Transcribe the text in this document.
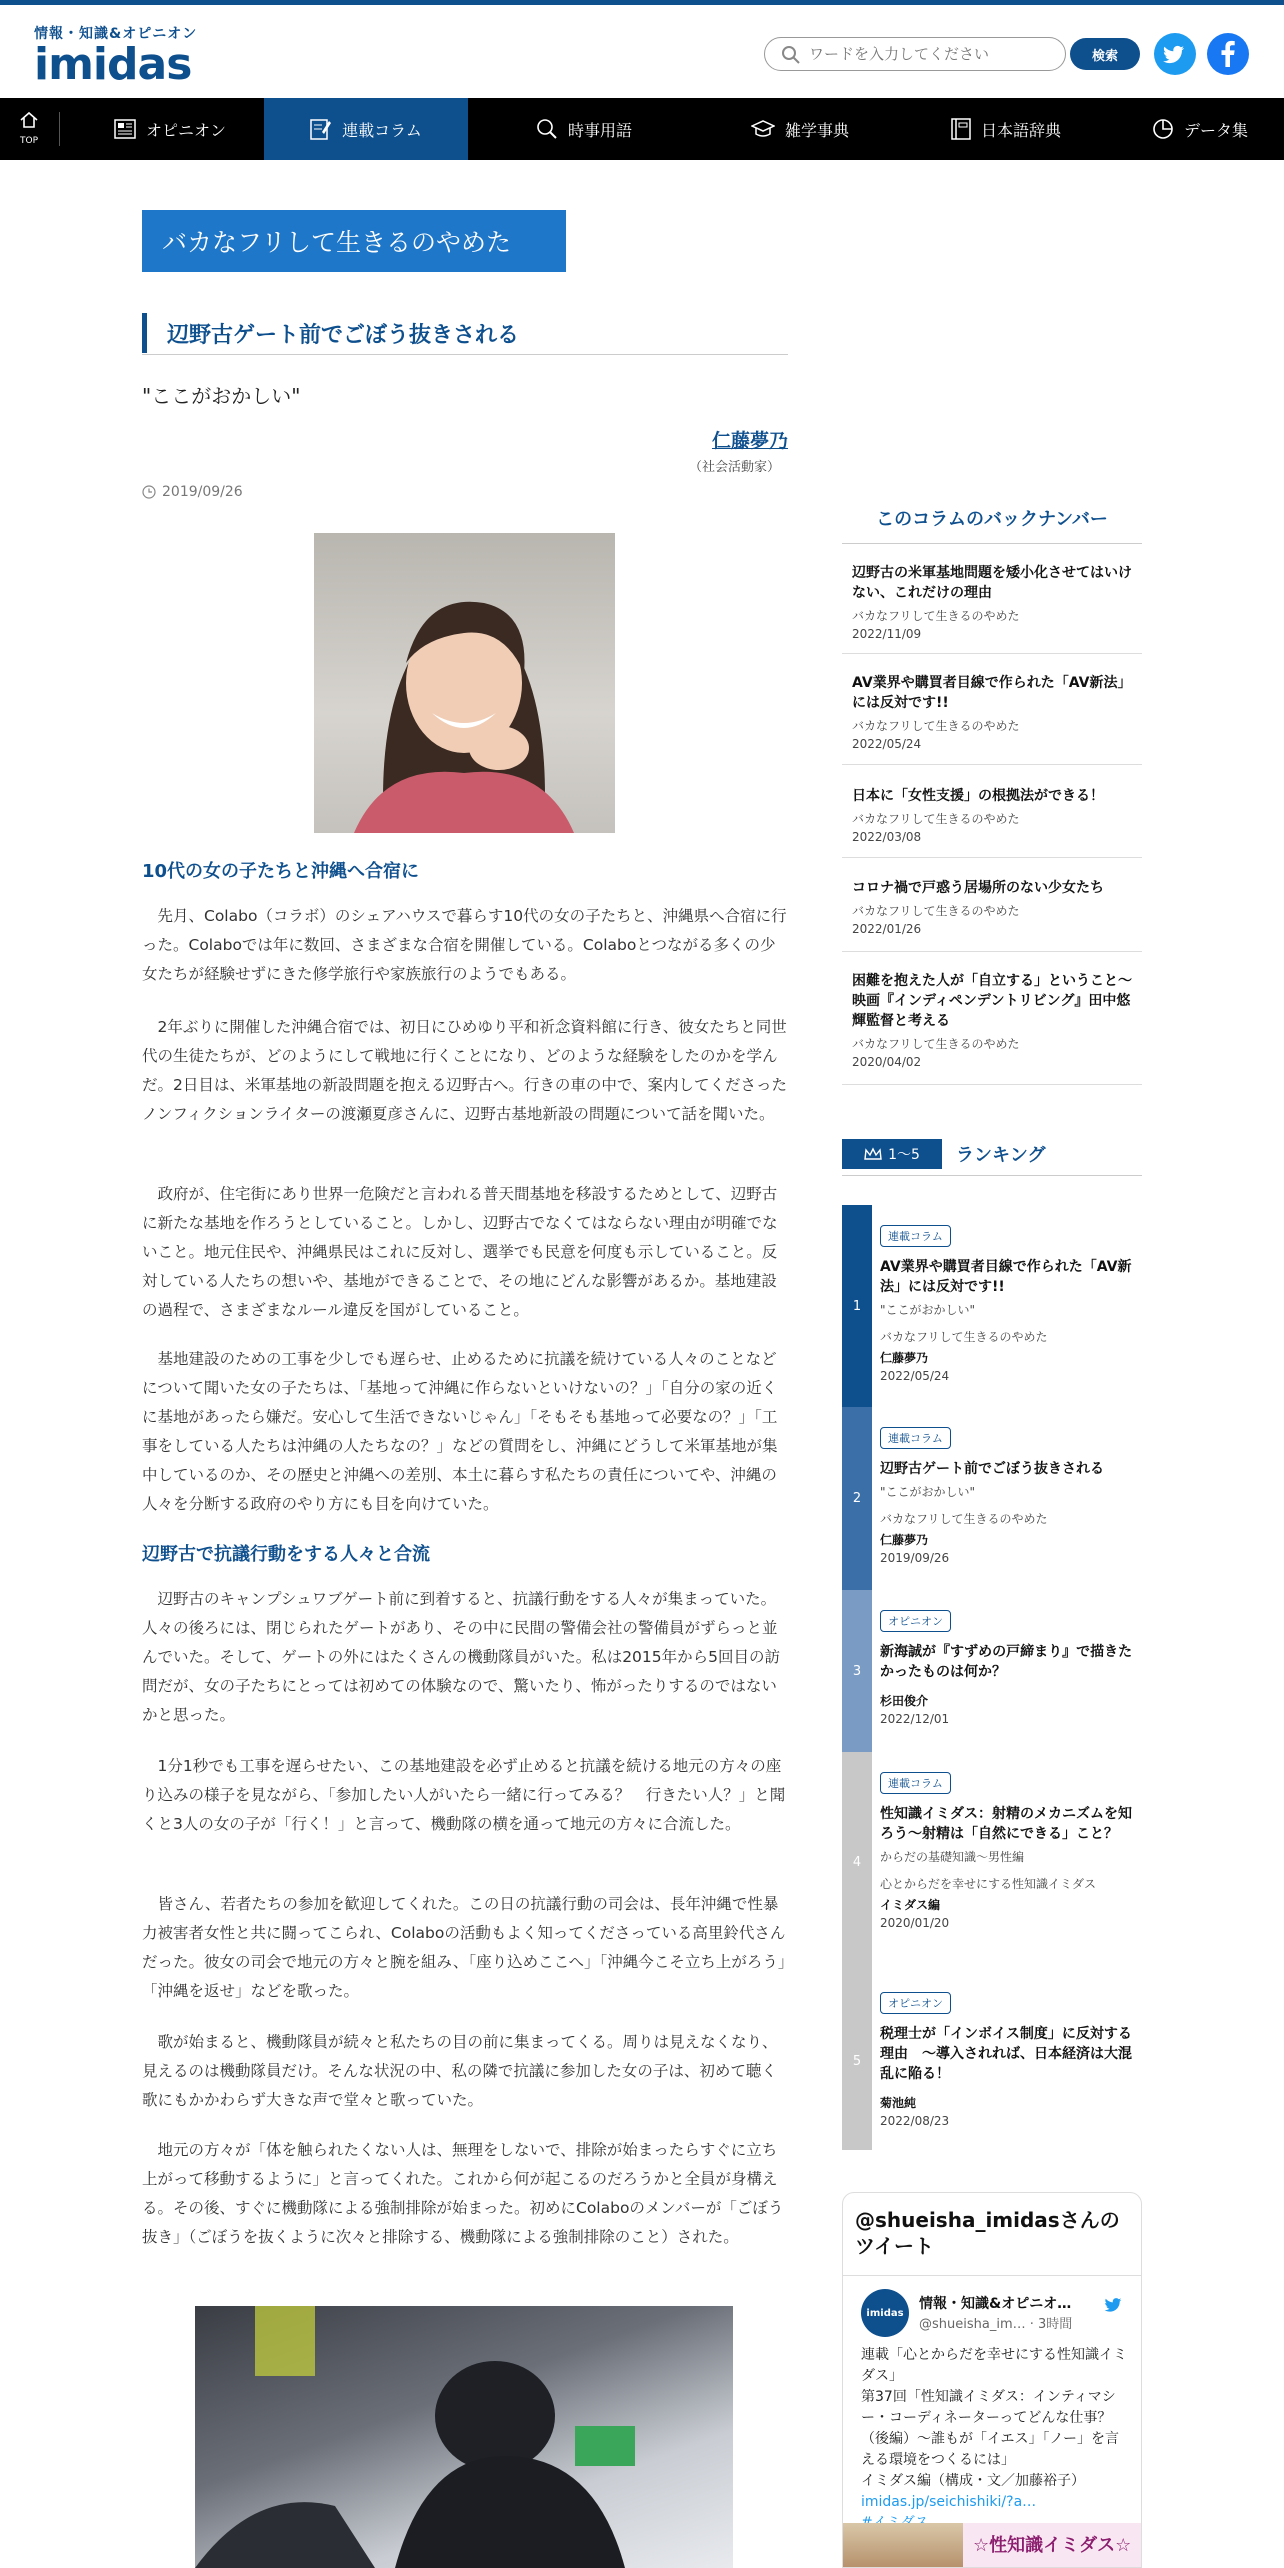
情報・知識&オピニオン
imidas
ワードを入力してください	検索
TOP
オピニオン	連載コラム	時事用語	雑学事典	日本語辞典	データ集
バカなフリして生きるのやめた
辺野古ゲート前でごぼう抜きされる
"ここがおかしい"
仁藤夢乃
（社会活動家）
2019/09/26
10代の女の子たちと沖縄へ合宿に

先月、Colabo（コラボ）のシェアハウスで暮らす10代の女の子たちと、沖縄県へ合宿に行った。Colaboでは年に数回、さまざまな合宿を開催している。Colaboとつながる多くの少女たちが経験せずにきた修学旅行や家族旅行のようでもある。

2年ぶりに開催した沖縄合宿では、初日にひめゆり平和祈念資料館に行き、彼女たちと同世代の生徒たちが、どのようにして戦地に行くことになり、どのような経験をしたのかを学んだ。2日目は、米軍基地の新設問題を抱える辺野古へ。行きの車の中で、案内してくださったノンフィクションライターの渡瀬夏彦さんに、辺野古基地新設の問題について話を聞いた。

政府が、住宅街にあり世界一危険だと言われる普天間基地を移設するためとして、辺野古に新たな基地を作ろうとしていること。しかし、辺野古でなくてはならない理由が明確でないこと。地元住民や、沖縄県民はこれに反対し、選挙でも民意を何度も示していること。反対している人たちの想いや、基地ができることで、その地にどんな影響があるか。基地建設の過程で、さまざまなルール違反を国がしていること。

基地建設のための工事を少しでも遅らせ、止めるために抗議を続けている人々のことなどについて聞いた女の子たちは、「基地って沖縄に作らないといけないの？」「自分の家の近くに基地があったら嫌だ。安心して生活できないじゃん」「そもそも基地って必要なの？」「工事をしている人たちは沖縄の人たちなの？」などの質問をし、沖縄にどうして米軍基地が集中しているのか、その歴史と沖縄への差別、本土に暮らす私たちの責任についてや、沖縄の人々を分断する政府のやり方にも目を向けていた。

辺野古で抗議行動をする人々と合流

辺野古のキャンプシュワブゲート前に到着すると、抗議行動をする人々が集まっていた。人々の後ろには、閉じられたゲートがあり、その中に民間の警備会社の警備員がずらっと並んでいた。そして、ゲートの外にはたくさんの機動隊員がいた。私は2015年から5回目の訪問だが、女の子たちにとっては初めての体験なので、驚いたり、怖がったりするのではないかと思った。

1分1秒でも工事を遅らせたい、この基地建設を必ず止めると抗議を続ける地元の方々の座り込みの様子を見ながら、「参加したい人がいたら一緒に行ってみる？　行きたい人？」と聞くと3人の女の子が「行く！」と言って、機動隊の横を通って地元の方々に合流した。

皆さん、若者たちの参加を歓迎してくれた。この日の抗議行動の司会は、長年沖縄で性暴力被害者女性と共に闘ってこられ、Colaboの活動もよく知ってくださっている高里鈴代さんだった。彼女の司会で地元の方々と腕を組み、「座り込めここへ」「沖縄今こそ立ち上がろう」「沖縄を返せ」などを歌った。

歌が始まると、機動隊員が続々と私たちの目の前に集まってくる。周りは見えなくなり、見えるのは機動隊員だけ。そんな状況の中、私の隣で抗議に参加した女の子は、初めて聴く歌にもかかわらず大きな声で堂々と歌っていた。

地元の方々が「体を触られたくない人は、無理をしないで、排除が始まったらすぐに立ち上がって移動するように」と言ってくれた。これから何が起こるのだろうかと全員が身構える。その後、すぐに機動隊による強制排除が始まった。初めにColaboのメンバーが「ごぼう抜き」（ごぼうを抜くように次々と排除する、機動隊による強制排除のこと）された。

このコラムのバックナンバー
辺野古の米軍基地問題を矮小化させてはいけない、これだけの理由
バカなフリして生きるのやめた
2022/11/09
AV業界や購買者目線で作られた「AV新法」には反対です!!
バカなフリして生きるのやめた
2022/05/24
日本に「女性支援」の根拠法ができる！
バカなフリして生きるのやめた
2022/03/08
コロナ禍で戸惑う居場所のない少女たち
バカなフリして生きるのやめた
2022/01/26
困難を抱えた人が「自立する」ということ～映画『インディペンデントリビング』田中悠輝監督と考える
バカなフリして生きるのやめた
2020/04/02
1～5 ランキング
1
連載コラム
AV業界や購買者目線で作られた「AV新法」には反対です!!
"ここがおかしい"
バカなフリして生きるのやめた
仁藤夢乃
2022/05/24
2
連載コラム
辺野古ゲート前でごぼう抜きされる
"ここがおかしい"
バカなフリして生きるのやめた
仁藤夢乃
2019/09/26
3
オピニオン
新海誠が『すずめの戸締まり』で描きたかったものは何か？
杉田俊介
2022/12/01
4
連載コラム
性知識イミダス：射精のメカニズムを知ろう～射精は「自然にできる」こと？
からだの基礎知識～男性編
心とからだを幸せにする性知識イミダス
イミダス編
2020/01/20
5
オピニオン
税理士が「インボイス制度」に反対する理由　～導入されれば、日本経済は大混乱に陥る！
菊池純
2022/08/23
@shueisha_imidasさんのツイート
imidas
情報・知識&オピニオ…
@shueisha_im… · 3時間
連載「心とからだを幸せにする性知識イミダス」
第37回「性知識イミダス：インティマシー・コーディネーターってどんな仕事？（後編）～誰もが「イエス」「ノー」を言える環境をつくるには」
イミダス編（構成・文／加藤裕子）
imidas.jp/seichishiki/?a…
☆性知識イミダス☆
